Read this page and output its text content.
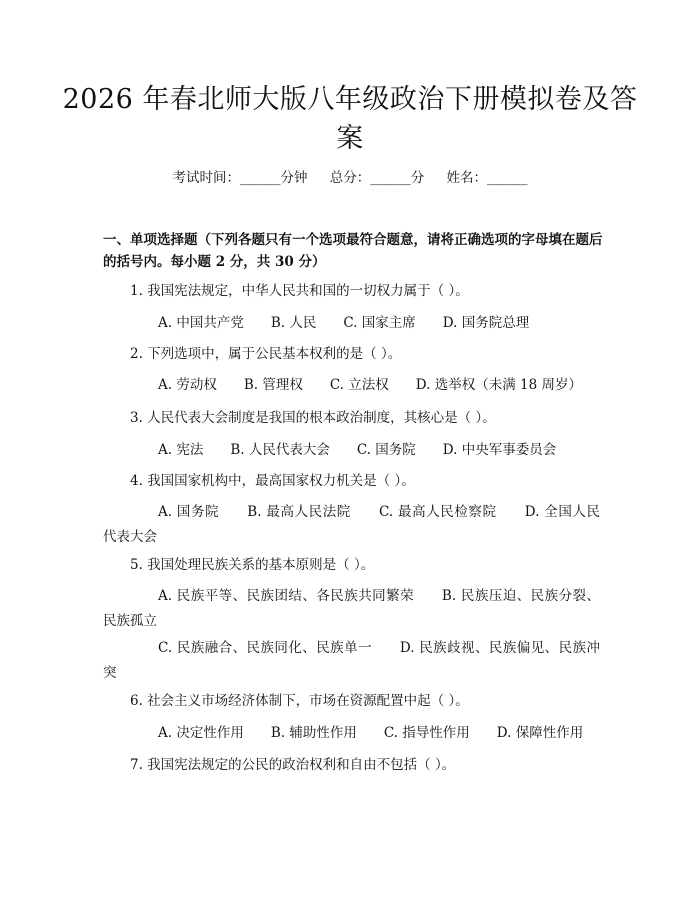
2026 年春北师大版八年级政治下册模拟卷及答案
考试时间：______分钟 总分：______分 姓名：______
一、单项选择题（下列各题只有一个选项最符合题意，请将正确选项的字母填在题后的括号内。每小题 2 分，共 30 分）
1. 我国宪法规定，中华人民共和国的一切权力属于（ ）。
A. 中国共产党　　B. 人民　　C. 国家主席　　D. 国务院总理
2. 下列选项中，属于公民基本权利的是（ ）。
A. 劳动权　　B. 管理权　　C. 立法权　　D. 选举权（未满 18 周岁）
3. 人民代表大会制度是我国的根本政治制度，其核心是（ ）。
A. 宪法　　B. 人民代表大会　　C. 国务院　　D. 中央军事委员会
4. 我国国家机构中，最高国家权力机关是（ ）。
A. 国务院　　B. 最高人民法院　　C. 最高人民检察院　　D. 全国人民
代表大会
5. 我国处理民族关系的基本原则是（ ）。
A. 民族平等、民族团结、各民族共同繁荣　　B. 民族压迫、民族分裂、
民族孤立
C. 民族融合、民族同化、民族单一　　D. 民族歧视、民族偏见、民族冲
突
6. 社会主义市场经济体制下，市场在资源配置中起（ ）。
A. 决定性作用　　B. 辅助性作用　　C. 指导性作用　　D. 保障性作用
7. 我国宪法规定的公民的政治权利和自由不包括（ ）。
